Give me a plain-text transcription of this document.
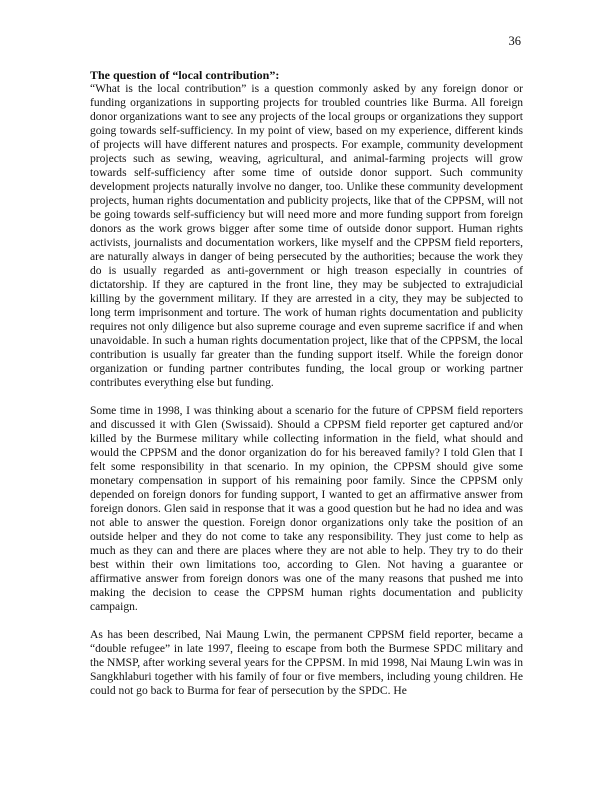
36

The question of “local contribution”:

“What is the local contribution” is a question commonly asked by any foreign donor or funding organizations in supporting projects for troubled countries like Burma. All foreign donor organizations want to see any projects of the local groups or organizations they support going towards self-sufficiency. In my point of view, based on my experience, different kinds of projects will have different natures and prospects. For example, community development projects such as sewing, weaving, agricultural, and animal-farming projects will grow towards self-sufficiency after some time of outside donor support. Such community development projects naturally involve no danger, too. Unlike these community development projects, human rights documentation and publicity projects, like that of the CPPSM, will not be going towards self-sufficiency but will need more and more funding support from foreign donors as the work grows bigger after some time of outside donor support. Human rights activists, journalists and documentation workers, like myself and the CPPSM field reporters, are naturally always in danger of being persecuted by the authorities; because the work they do is usually regarded as anti-government or high treason especially in countries of dictatorship. If they are captured in the front line, they may be subjected to extrajudicial killing by the government military. If they are arrested in a city, they may be subjected to long term imprisonment and torture. The work of human rights documentation and publicity requires not only diligence but also supreme courage and even supreme sacrifice if and when unavoidable. In such a human rights documentation project, like that of the CPPSM, the local contribution is usually far greater than the funding support itself. While the foreign donor organization or funding partner contributes funding, the local group or working partner contributes everything else but funding.

Some time in 1998, I was thinking about a scenario for the future of CPPSM field reporters and discussed it with Glen (Swissaid). Should a CPPSM field reporter get captured and/or killed by the Burmese military while collecting information in the field, what should and would the CPPSM and the donor organization do for his bereaved family? I told Glen that I felt some responsibility in that scenario. In my opinion, the CPPSM should give some monetary compensation in support of his remaining poor family. Since the CPPSM only depended on foreign donors for funding support, I wanted to get an affirmative answer from foreign donors. Glen said in response that it was a good question but he had no idea and was not able to answer the question. Foreign donor organizations only take the position of an outside helper and they do not come to take any responsibility. They just come to help as much as they can and there are places where they are not able to help. They try to do their best within their own limitations too, according to Glen. Not having a guarantee or affirmative answer from foreign donors was one of the many reasons that pushed me into making the decision to cease the CPPSM human rights documentation and publicity campaign.

As has been described, Nai Maung Lwin, the permanent CPPSM field reporter, became a “double refugee” in late 1997, fleeing to escape from both the Burmese SPDC military and the NMSP, after working several years for the CPPSM. In mid 1998, Nai Maung Lwin was in Sangkhlaburi together with his family of four or five members, including young children. He could not go back to Burma for fear of persecution by the SPDC. He
